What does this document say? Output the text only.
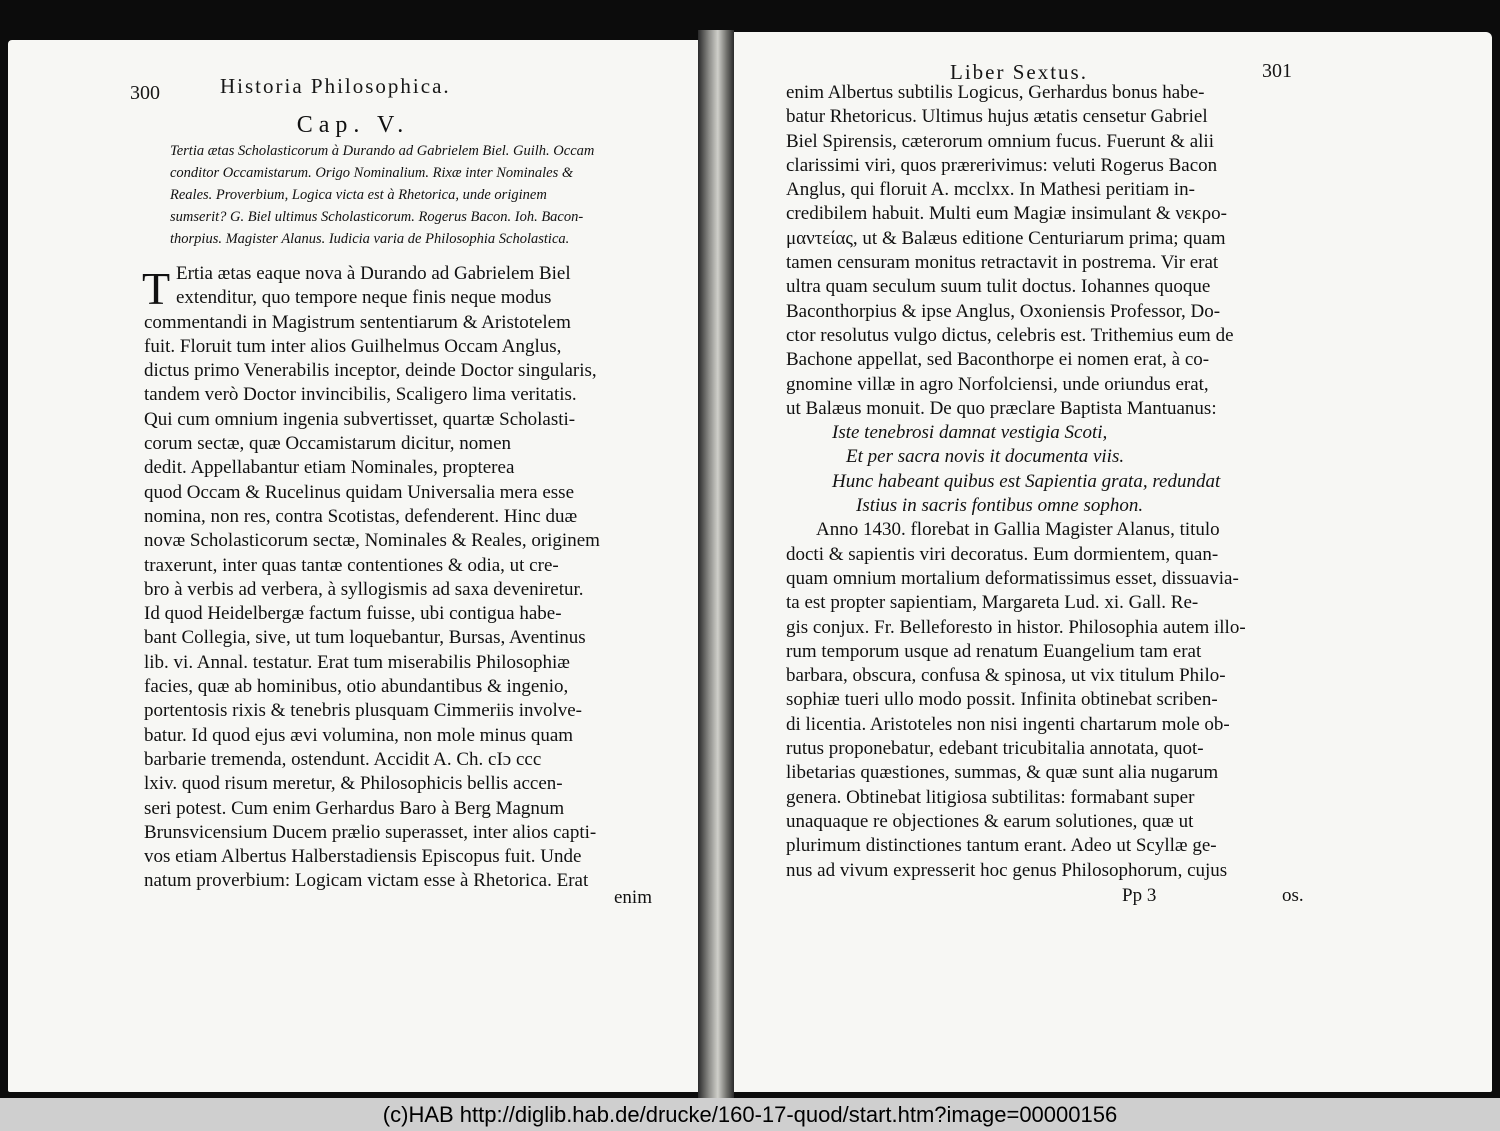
300	Historia Philosophica.
Cap. V.
Tertia ætas Scholasticorum à Durando ad Gabrielem Biel. Guilh. Occam
conditor Occamistarum. Origo Nominalium. Rixæ inter Nominales &
Reales. Proverbium, Logica victa est à Rhetorica, unde originem
sumserit? G. Biel ultimus Scholasticorum. Rogerus Bacon. Ioh. Bacon-
thorpius. Magister Alanus. Iudicia varia de Philosophia Scholastica.
T Ertia ætas eaque nova à Durando ad Gabrielem Biel
extenditur, quo tempore neque finis neque modus
commentandi in Magistrum sententiarum & Aristotelem
fuit. Floruit tum inter alios Guilhelmus Occam Anglus,
dictus primo Venerabilis inceptor, deinde Doctor singularis,
tandem verò Doctor invincibilis, Scaligero lima veritatis.
Qui cum omnium ingenia subvertisset, quartæ Scholasti-
corum sectæ, quæ Occamistarum dicitur, nomen
dedit. Appellabantur etiam Nominales, propterea
quod Occam & Rucelinus quidam Universalia mera esse
nomina, non res, contra Scotistas, defenderent. Hinc duæ
novæ Scholasticorum sectæ, Nominales & Reales, originem
traxerunt, inter quas tantæ contentiones & odia, ut cre-
bro à verbis ad verbera, à syllogismis ad saxa deveniretur.
Id quod Heidelbergæ factum fuisse, ubi contigua habe-
bant Collegia, sive, ut tum loquebantur, Bursas, Aventinus
lib. vi. Annal. testatur. Erat tum miserabilis Philosophiæ
facies, quæ ab hominibus, otio abundantibus & ingenio,
portentosis rixis & tenebris plusquam Cimmeriis involve-
batur. Id quod ejus ævi volumina, non mole minus quam
barbarie tremenda, ostendunt. Accidit A. Ch. cIɔ ccc
lxiv. quod risum meretur, & Philosophicis bellis accen-
seri potest. Cum enim Gerhardus Baro à Berg Magnum
Brunsvicensium Ducem prælio superasset, inter alios capti-
vos etiam Albertus Halberstadiensis Episcopus fuit. Unde
natum proverbium: Logicam victam esse à Rhetorica. Erat
enim
Liber Sextus.	301
enim Albertus subtilis Logicus, Gerhardus bonus habe-
batur Rhetoricus. Ultimus hujus ætatis censetur Gabriel
Biel Spirensis, cæterorum omnium fucus. Fuerunt & alii
clarissimi viri, quos prærerivimus: veluti Rogerus Bacon
Anglus, qui floruit A. mcclxx. In Mathesi peritiam in-
credibilem habuit. Multi eum Magiæ insimulant & νεκρο-
μαντείας, ut & Balæus editione Centuriarum prima; quam
tamen censuram monitus retractavit in postrema. Vir erat
ultra quam seculum suum tulit doctus. Iohannes quoque
Baconthorpius & ipse Anglus, Oxoniensis Professor, Do-
ctor resolutus vulgo dictus, celebris est. Trithemius eum de
Bachone appellat, sed Baconthorpe ei nomen erat, à co-
gnomine villæ in agro Norfolciensi, unde oriundus erat,
ut Balæus monuit. De quo præclare Baptista Mantuanus:
Iste tenebrosi damnat vestigia Scoti,
Et per sacra novis it documenta viis.
Hunc habeant quibus est Sapientia grata, redundat
Istius in sacris fontibus omne sophon.
Anno 1430. florebat in Gallia Magister Alanus, titulo
docti & sapientis viri decoratus. Eum dormientem, quan-
quam omnium mortalium deformatissimus esset, dissuavia-
ta est propter sapientiam, Margareta Lud. xi. Gall. Re-
gis conjux. Fr. Belleforesto in histor. Philosophia autem illo-
rum temporum usque ad renatum Euangelium tam erat
barbara, obscura, confusa & spinosa, ut vix titulum Philo-
sophiæ tueri ullo modo possit. Infinita obtinebat scriben-
di licentia. Aristoteles non nisi ingenti chartarum mole ob-
rutus proponebatur, edebant tricubitalia annotata, quot-
libetarias quæstiones, summas, & quæ sunt alia nugarum
genera. Obtinebat litigiosa subtilitas: formabant super
unaquaque re objectiones & earum solutiones, quæ ut
plurimum distinctiones tantum erant. Adeo ut Scyllæ ge-
nus ad vivum expresserit hoc genus Philosophorum, cujus
Pp 3	os.
(c)HAB http://diglib.hab.de/drucke/160-17-quod/start.htm?image=00000156
